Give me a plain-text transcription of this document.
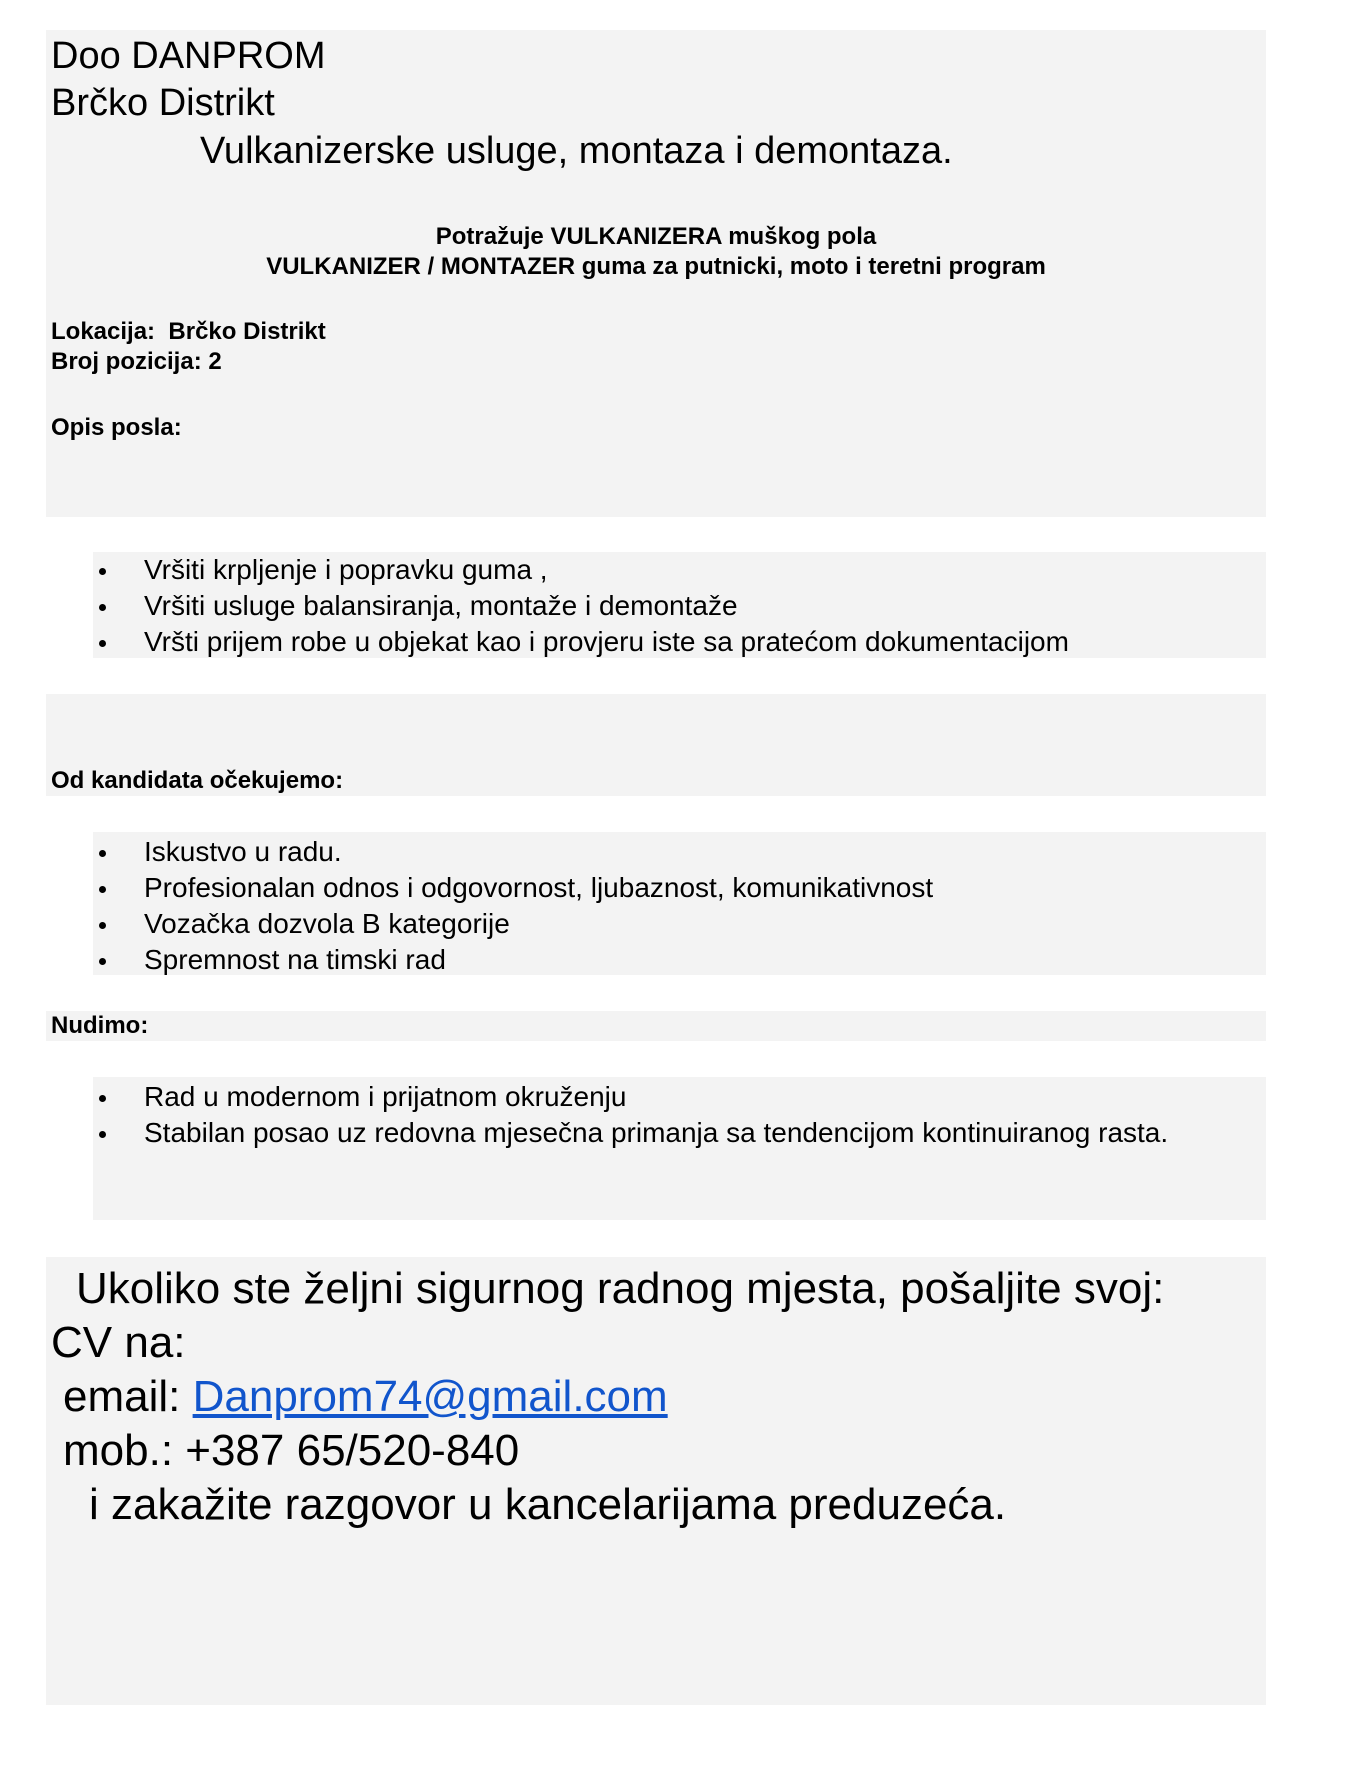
Doo DANPROM
Brčko Distrikt
Vulkanizerske usluge, montaza i demontaza.
Potražuje VULKANIZERA muškog pola
VULKANIZER / MONTAZER guma za putnicki, moto i teretni program
Lokacija: Brčko Distrikt
Broj pozicija: 2
Opis posla:
Vršiti krpljenje i popravku guma ,
Vršiti usluge balansiranja, montaže i demontaže
Vršti prijem robe u objekat kao i provjeru iste sa pratećom dokumentacijom
Od kandidata očekujemo:
Iskustvo u radu.
Profesionalan odnos i odgovornost, ljubaznost, komunikativnost
Vozačka dozvola B kategorije
Spremnost na timski rad
Nudimo:
Rad u modernom i prijatnom okruženju
Stabilan posao uz redovna mjesečna primanja sa tendencijom kontinuiranog rasta.
Ukoliko ste željni sigurnog radnog mjesta, pošaljite svoj:
CV na:
email: Danprom74@gmail.com
mob.: +387 65/520-840
i zakažite razgovor u kancelarijama preduzeća.
